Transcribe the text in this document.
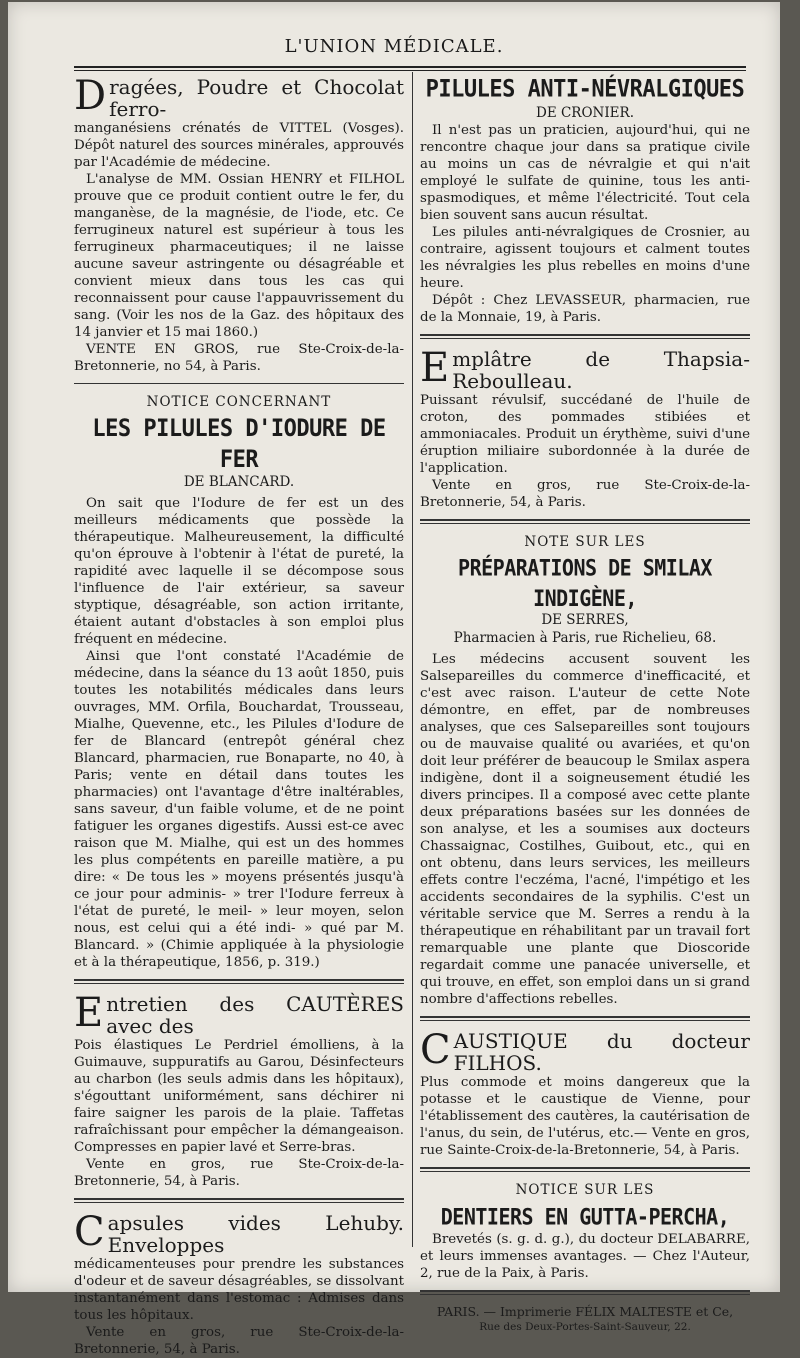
L'UNION MÉDICALE.
D ragées, Poudre et Chocolat ferro-

manganésiens crénatés de VITTEL (Vosges). Dépôt naturel des sources minérales, approuvés par l'Académie de médecine.

L'analyse de MM. Ossian HENRY et FILHOL prouve que ce produit contient outre le fer, du manganèse, de la magnésie, de l'iode, etc. Ce ferrugineux naturel est supérieur à tous les ferrugineux pharmaceutiques; il ne laisse aucune saveur astringente ou désagréable et convient mieux dans tous les cas qui reconnaissent pour cause l'appauvrissement du sang. (Voir les nos de la Gaz. des hôpitaux des 14 janvier et 15 mai 1860.)

VENTE EN GROS, rue Ste-Croix-de-la-Bretonnerie, no 54, à Paris.

NOTICE CONCERNANT
LES PILULES D'IODURE DE FER
DE BLANCARD.

On sait que l'Iodure de fer est un des meilleurs médicaments que possède la thérapeutique. Malheureusement, la difficulté qu'on éprouve à l'obtenir à l'état de pureté, la rapidité avec laquelle il se décompose sous l'influence de l'air extérieur, sa saveur styptique, désagréable, son action irritante, étaient autant d'obstacles à son emploi plus fréquent en médecine.

Ainsi que l'ont constaté l'Académie de médecine, dans la séance du 13 août 1850, puis toutes les notabilités médicales dans leurs ouvrages, MM. Orfila, Bouchardat, Trousseau, Mialhe, Quevenne, etc., les Pilules d'Iodure de fer de Blancard (entrepôt général chez Blancard, pharmacien, rue Bonaparte, no 40, à Paris; vente en détail dans toutes les pharmacies) ont l'avantage d'être inaltérables, sans saveur, d'un faible volume, et de ne point fatiguer les organes digestifs. Aussi est-ce avec raison que M. Mialhe, qui est un des hommes les plus compétents en pareille matière, a pu dire: « De tous les » moyens présentés jusqu'à ce jour pour adminis- » trer l'Iodure ferreux à l'état de pureté, le meil- » leur moyen, selon nous, est celui qui a été indi- » qué par M. Blancard. » (Chimie appliquée à la physiologie et à la thérapeutique, 1856, p. 319.)

E ntretien des CAUTÈRES avec des

Pois élastiques Le Perdriel émolliens, à la Guimauve, suppuratifs au Garou, Désinfecteurs au charbon (les seuls admis dans les hôpitaux), s'égouttant uniformément, sans déchirer ni faire saigner les parois de la plaie. Taffetas rafraîchissant pour empêcher la démangeaison. Compresses en papier lavé et Serre-bras.

Vente en gros, rue Ste-Croix-de-la-Bretonnerie, 54, à Paris.

C apsules vides Lehuby. Enveloppes

médicamenteuses pour prendre les substances d'odeur et de saveur désagréables, se dissolvant instantanément dans l'estomac : Admises dans tous les hôpitaux.

Vente en gros, rue Ste-Croix-de-la-Bretonnerie, 54, à Paris.

PILULES ANTI-NÉVRALGIQUES
DE CRONIER.

Il n'est pas un praticien, aujourd'hui, qui ne rencontre chaque jour dans sa pratique civile au moins un cas de névralgie et qui n'ait employé le sulfate de quinine, tous les anti-spasmodiques, et même l'électricité. Tout cela bien souvent sans aucun résultat.

Les pilules anti-névralgiques de Crosnier, au contraire, agissent toujours et calment toutes les névralgies les plus rebelles en moins d'une heure.

Dépôt : Chez LEVASSEUR, pharmacien, rue de la Monnaie, 19, à Paris.

E mplâtre de Thapsia-Reboulleau.

Puissant révulsif, succédané de l'huile de croton, des pommades stibiées et ammoniacales. Produit un érythème, suivi d'une éruption miliaire subordonnée à la durée de l'application.

Vente en gros, rue Ste-Croix-de-la-Bretonnerie, 54, à Paris.

NOTE SUR LES
PRÉPARATIONS DE SMILAX INDIGÈNE,
DE SERRES,
Pharmacien à Paris, rue Richelieu, 68.

Les médecins accusent souvent les Salsepareilles du commerce d'inefficacité, et c'est avec raison. L'auteur de cette Note démontre, en effet, par de nombreuses analyses, que ces Salsepareilles sont toujours ou de mauvaise qualité ou avariées, et qu'on doit leur préférer de beaucoup le Smilax aspera indigène, dont il a soigneusement étudié les divers principes. Il a composé avec cette plante deux préparations basées sur les données de son analyse, et les a soumises aux docteurs Chassaignac, Costilhes, Guibout, etc., qui en ont obtenu, dans leurs services, les meilleurs effets contre l'eczéma, l'acné, l'impétigo et les accidents secondaires de la syphilis. C'est un véritable service que M. Serres a rendu à la thérapeutique en réhabilitant par un travail fort remarquable une plante que Dioscoride regardait comme une panacée universelle, et qui trouve, en effet, son emploi dans un si grand nombre d'affections rebelles.

C AUSTIQUE du docteur FILHOS.

Plus commode et moins dangereux que la potasse et le caustique de Vienne, pour l'établissement des cautères, la cautérisation de l'anus, du sein, de l'utérus, etc.— Vente en gros, rue Sainte-Croix-de-la-Bretonnerie, 54, à Paris.

NOTICE SUR LES
DENTIERS EN GUTTA-PERCHA,

Brevetés (s. g. d. g.), du docteur DELABARRE, et leurs immenses avantages. — Chez l'Auteur, 2, rue de la Paix, à Paris.

PARIS. — Imprimerie FÉLIX MALTESTE et Ce,
Rue des Deux-Portes-Saint-Sauveur, 22.
